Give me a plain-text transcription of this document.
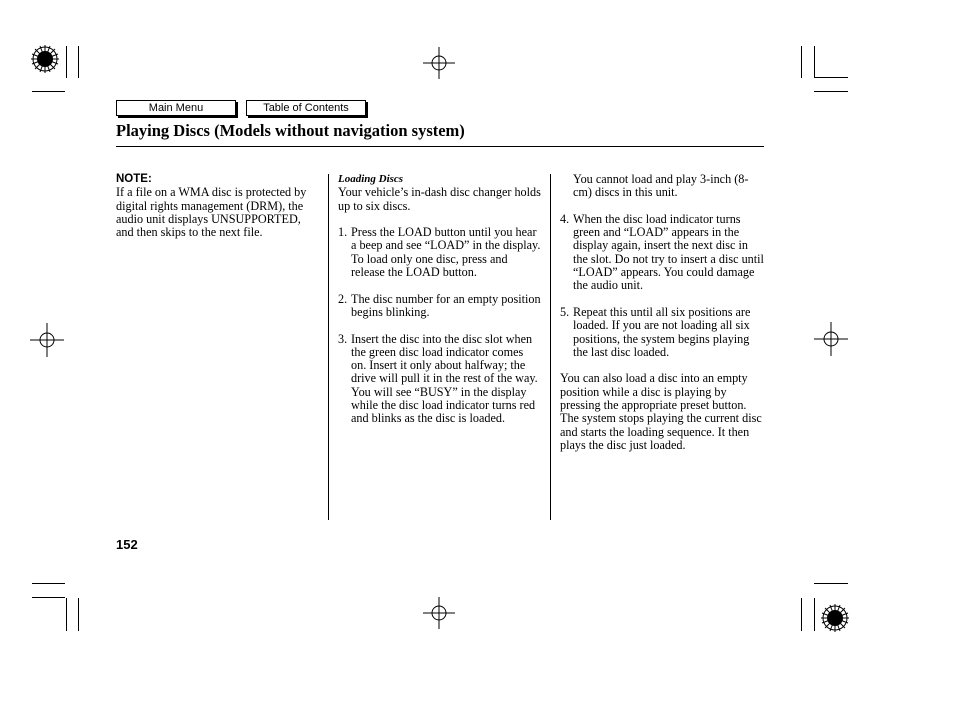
Main Menu	Table of Contents
Playing Discs (Models without navigation system)

NOTE:

If a file on a WMA disc is protected by digital rights management (DRM), the audio unit displays UNSUPPORTED, and then skips to the next file.

Loading Discs

Your vehicle’s in-dash disc changer holds up to six discs.

1. Press the LOAD button until you hear a beep and see “LOAD” in the display. To load only one disc, press and release the LOAD button.

2. The disc number for an empty position begins blinking.

3. Insert the disc into the disc slot when the green disc load indicator comes on. Insert it only about halfway; the drive will pull it in the rest of the way. You will see “BUSY” in the display while the disc load indicator turns red and blinks as the disc is loaded.

You cannot load and play 3-inch (8-cm) discs in this unit.

4. When the disc load indicator turns green and “LOAD” appears in the display again, insert the next disc in the slot. Do not try to insert a disc until “LOAD” appears. You could damage the audio unit.

5. Repeat this until all six positions are loaded. If you are not loading all six positions, the system begins playing the last disc loaded.

You can also load a disc into an empty position while a disc is playing by pressing the appropriate preset button. The system stops playing the current disc and starts the loading sequence. It then plays the disc just loaded.

152
